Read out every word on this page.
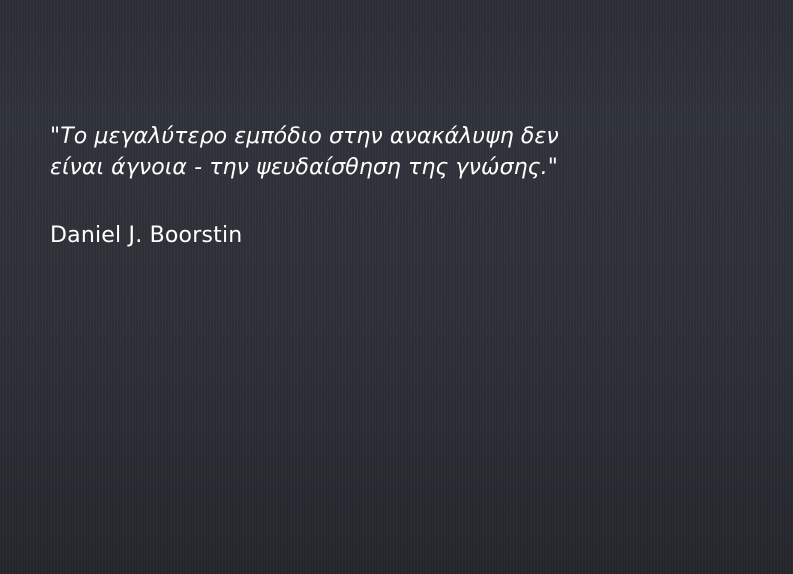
"Το μεγαλύτερο εμπόδιο στην ανακάλυψη δεν
είναι άγνοια - την ψευδαίσθηση της γνώσης."

Daniel J. Boorstin
